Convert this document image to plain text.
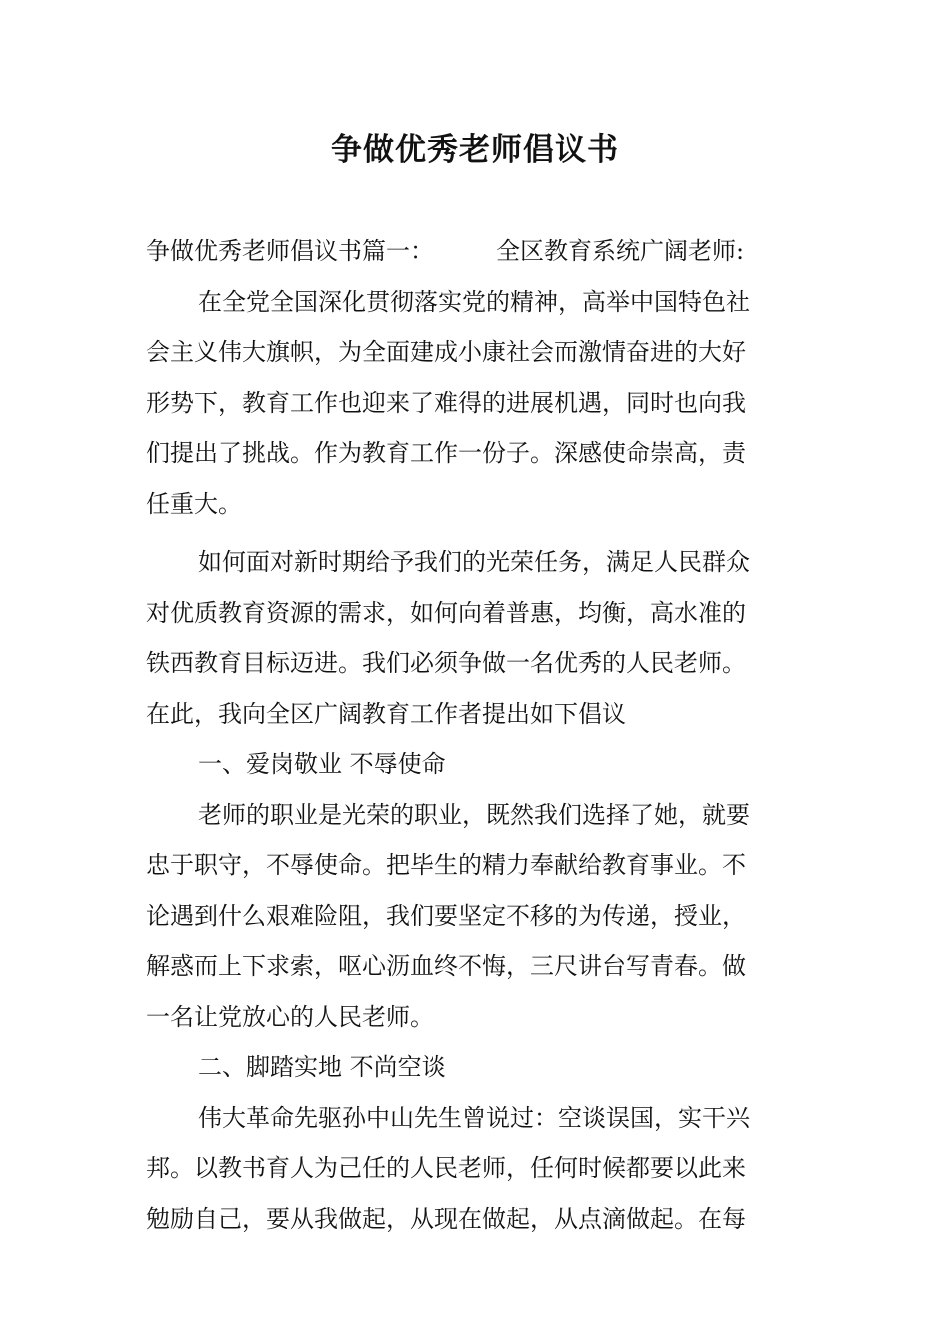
争做优秀老师倡议书
争做优秀老师倡议书篇一：	全区教育系统广阔老师:
在全党全国深化贯彻落实党的精神，高举中国特色社
会主义伟大旗帜，为全面建成小康社会而激情奋进的大好
形势下，教育工作也迎来了难得的进展机遇，同时也向我
们提出了挑战。作为教育工作一份子。深感使命崇高，责
任重大。
如何面对新时期给予我们的光荣任务，满足人民群众
对优质教育资源的需求，如何向着普惠，均衡，高水准的
铁西教育目标迈进。我们必须争做一名优秀的人民老师。
在此，我向全区广阔教育工作者提出如下倡议
一、爱岗敬业 不辱使命
老师的职业是光荣的职业，既然我们选择了她，就要
忠于职守，不辱使命。把毕生的精力奉献给教育事业。不
论遇到什么艰难险阻，我们要坚定不移的为传递，授业，
解惑而上下求索，呕心沥血终不悔，三尺讲台写青春。做
一名让党放心的人民老师。
二、脚踏实地 不尚空谈
伟大革命先驱孙中山先生曾说过：空谈误国，实干兴
邦。以教书育人为己任的人民老师，任何时候都要以此来
勉励自己，要从我做起，从现在做起，从点滴做起。在每
